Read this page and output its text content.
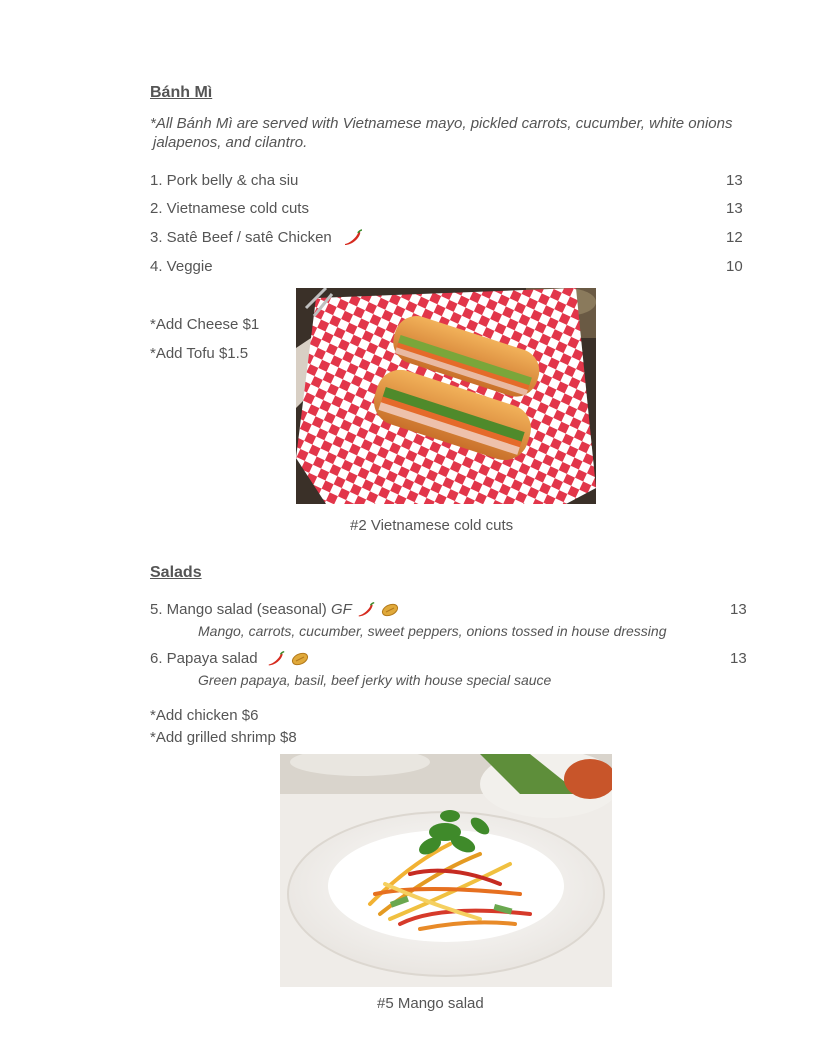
Bánh Mì
*All Bánh Mì are served with Vietnamese mayo, pickled carrots, cucumber, white onions
jalapenos, and cilantro.
1. Pork belly & cha siu	13
2. Vietnamese cold cuts	13
3. Satê Beef / satê Chicken	12
4. Veggie	10
*Add Cheese $1
*Add Tofu $1.5
#2 Vietnamese cold cuts
Salads
5. Mango salad (seasonal) GF	13
Mango, carrots, cucumber, sweet peppers, onions tossed in house dressing
6. Papaya salad	13
Green papaya, basil, beef jerky with house special sauce
*Add chicken $6
*Add grilled shrimp $8
#5 Mango salad
